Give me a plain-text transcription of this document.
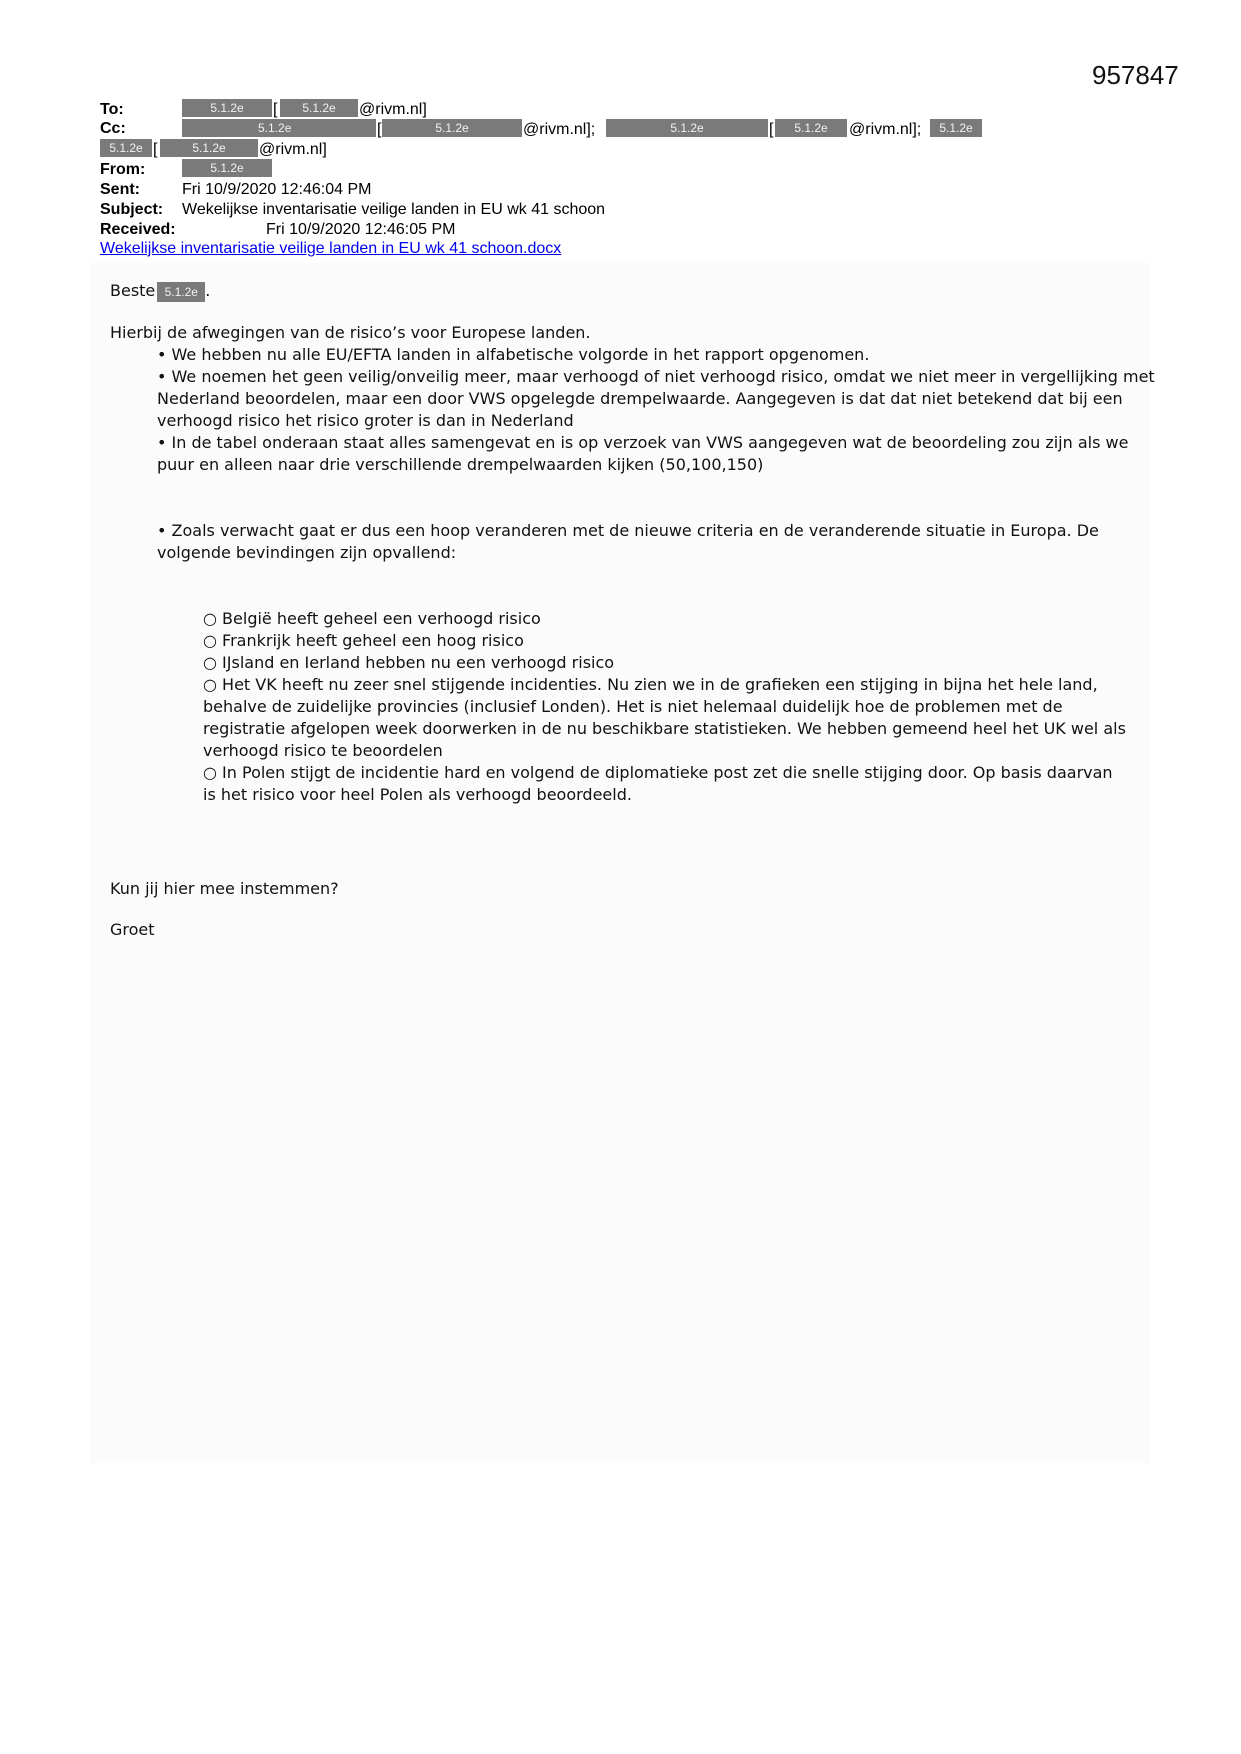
957847
To:	5.1.2e	[	5.1.2e	@rivm.nl]
Cc:	5.1.2e	[	5.1.2e	@rivm.nl];	5.1.2e	[	5.1.2e	@rivm.nl];	5.1.2e
5.1.2e [	5.1.2e	@rivm.nl]
From:	5.1.2e
Sent:	Fri 10/9/2020 12:46:04 PM
Subject: Wekelijkse inventarisatie veilige landen in EU wk 41 schoon
Received:	Fri 10/9/2020 12:46:05 PM
Wekelijkse inventarisatie veilige landen in EU wk 41 schoon.docx
Beste 5.1.2e .
Hierbij de afwegingen van de risico’s voor Europese landen.

• We hebben nu alle EU/EFTA landen in alfabetische volgorde in het rapport opgenomen.

• We noemen het geen veilig/onveilig meer, maar verhoogd of niet verhoogd risico, omdat we niet meer in vergellijking met Nederland beoordelen, maar een door VWS opgelegde drempelwaarde. Aangegeven is dat dat niet betekend dat bij een verhoogd risico het risico groter is dan in Nederland

• In de tabel onderaan staat alles samengevat en is op verzoek van VWS aangegeven wat de beoordeling zou zijn als we puur en alleen naar drie verschillende drempelwaarden kijken (50,100,150)

• Zoals verwacht gaat er dus een hoop veranderen met de nieuwe criteria en de veranderende situatie in Europa. De volgende bevindingen zijn opvallend:

○ België heeft geheel een verhoogd risico

○ Frankrijk heeft geheel een hoog risico

○ IJsland en Ierland hebben nu een verhoogd risico

○ Het VK heeft nu zeer snel stijgende incidenties. Nu zien we in de grafieken een stijging in bijna het hele land, behalve de zuidelijke provincies (inclusief Londen). Het is niet helemaal duidelijk hoe de problemen met de registratie afgelopen week doorwerken in de nu beschikbare statistieken. We hebben gemeend heel het UK wel als verhoogd risico te beoordelen

○ In Polen stijgt de incidentie hard en volgend de diplomatieke post zet die snelle stijging door. Op basis daarvan is het risico voor heel Polen als verhoogd beoordeeld.

Kun jij hier mee instemmen?
Groet
